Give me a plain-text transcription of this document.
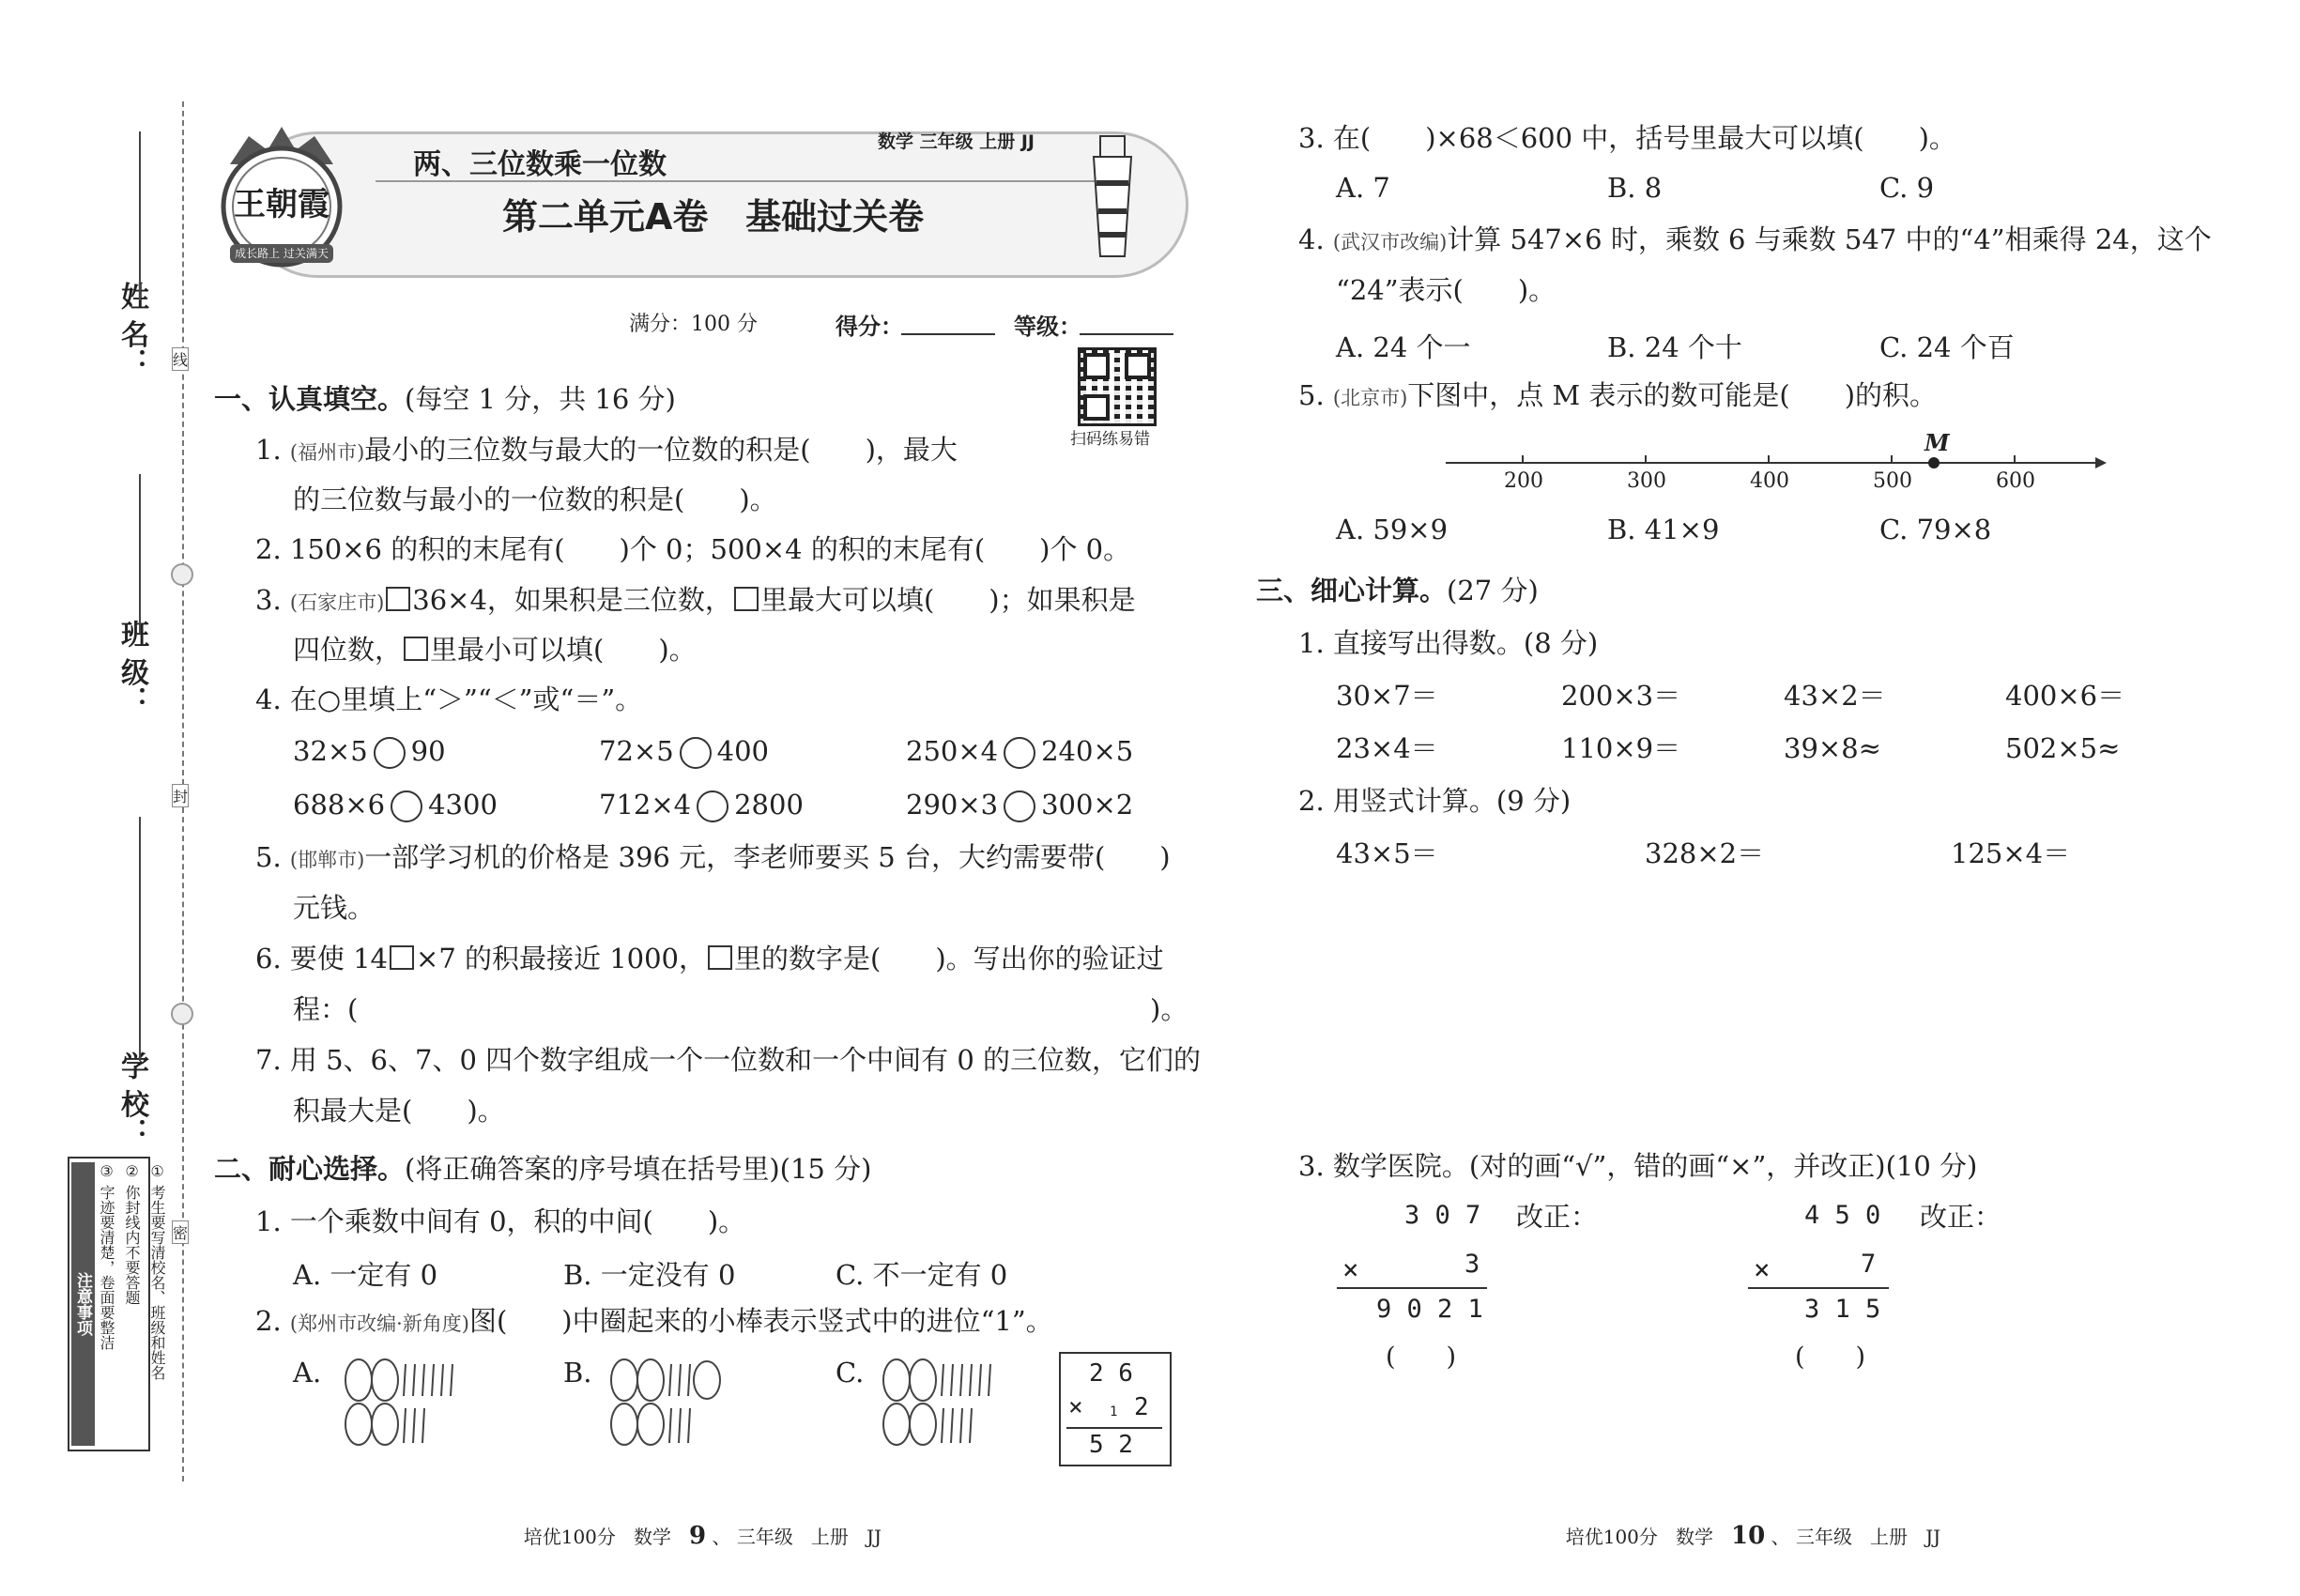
姓 名：
班 级：
学 校：
线
封
密
注意事项	① 考生要写清校名、班级和姓名
② 你封线内不要答题
③ 字迹要清楚，卷面要整洁
王朝霞
成长路上 过关满天
两、三位数乘一位数
数学 三年级 上册 JJ
第二单元A卷   基础过关卷
满分：100 分	得分：	等级：
扫码练易错
一、认真填空。(每空 1 分，共 16 分)
1. (福州市)最小的三位数与最大的一位数的积是(　　)，最大
的三位数与最小的一位数的积是(　　)。
2. 150×6 的积的末尾有(　　)个 0；500×4 的积的末尾有(　　)个 0。
3. (石家庄市) 36×4，如果积是三位数， 里最大可以填(　　)；如果积是
四位数， 里最小可以填(　　)。
4. 在○里填上“＞”“＜”或“＝”。
32×5 90	72×5 400	250×4 240×5
688×6 4300	712×4 2800	290×3 300×2
5. (邯郸市)一部学习机的价格是 396 元，李老师要买 5 台，大约需要带(　　)
元钱。
6. 要使 14 ×7 的积最接近 1000， 里的数字是(　　)。写出你的验证过
程：(	)。
7. 用 5、6、7、0 四个数字组成一个一位数和一个中间有 0 的三位数，它们的
积最大是(　　)。
二、耐心选择。(将正确答案的序号填在括号里)(15 分)
1. 一个乘数中间有 0，积的中间(　　)。
A. 一定有 0	B. 一定没有 0	C. 不一定有 0
2. (郑州市改编·新角度)图(　　)中圈起来的小棒表示竖式中的进位“1”。
A.	B.	C.	2 6
× 1 2
5 2

培优100分   数学 9 、 三年级   上册   JJ

3. 在(　　)×68＜600 中，括号里最大可以填(　　)。
A. 7	B. 8	C. 9
4. (武汉市改编)计算 547×6 时，乘数 6 与乘数 547 中的“4”相乘得 24，这个
“24”表示(　　)。
A. 24 个一	B. 24 个十	C. 24 个百
5. (北京市)下图中，点 M 表示的数可能是(　　)的积。
200	300	400	500	600
M
A. 59×9	B. 41×9	C. 79×8
三、细心计算。(27 分)
1. 直接写出得数。(8 分)
30×7＝	200×3＝	43×2＝	400×6＝
23×4＝	110×9＝	39×8≈	502×5≈
2. 用竖式计算。(9 分)
43×5＝	328×2＝	125×4＝
3. 数学医院。(对的画“√”，错的画“×”，并改正)(10 分)
3 0 7
×	3
9 0 2 1
(　　)
改正：	4 5 0
×	7
3 1 5
(　　)
改正：

培优100分   数学 10 、 三年级   上册   JJ
